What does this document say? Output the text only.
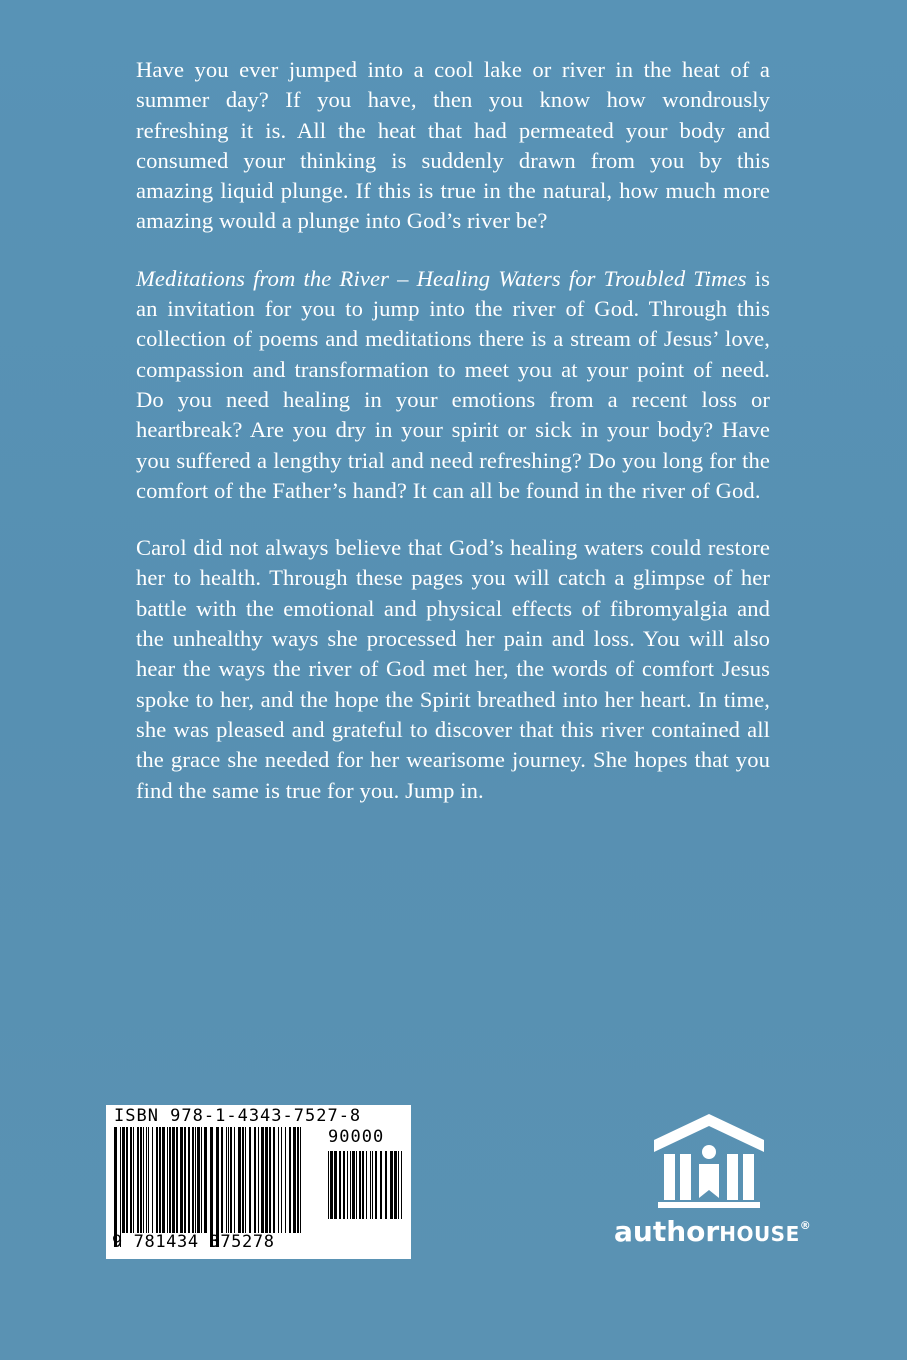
Have you ever jumped into a cool lake or river in the heat of a summer day? If you have, then you know how wondrously refreshing it is. All the heat that had permeated your body and consumed your thinking is suddenly drawn from you by this amazing liquid plunge. If this is true in the natural, how much more amazing would a plunge into God’s river be?

Meditations from the River – Healing Waters for Troubled Times is an invitation for you to jump into the river of God. Through this collection of poems and meditations there is a stream of Jesus’ love, compassion and transformation to meet you at your point of need. Do you need healing in your emotions from a recent loss or heartbreak? Are you dry in your spirit or sick in your body? Have you suffered a lengthy trial and need refreshing? Do you long for the comfort of the Father’s hand? It can all be found in the river of God.

Carol did not always believe that God’s healing waters could restore her to health. Through these pages you will catch a glimpse of her battle with the emotional and physical effects of fibromyalgia and the unhealthy ways she processed her pain and loss. You will also hear the ways the river of God met her, the words of comfort Jesus spoke to her, and the hope the Spirit breathed into her heart. In time, she was pleased and grateful to discover that this river contained all the grace she needed for her wearisome journey. She hopes that you find the same is true for you. Jump in.

ISBN 978-1-4343-7527-8
90000
9 781434 375278	authorHOUSE®
